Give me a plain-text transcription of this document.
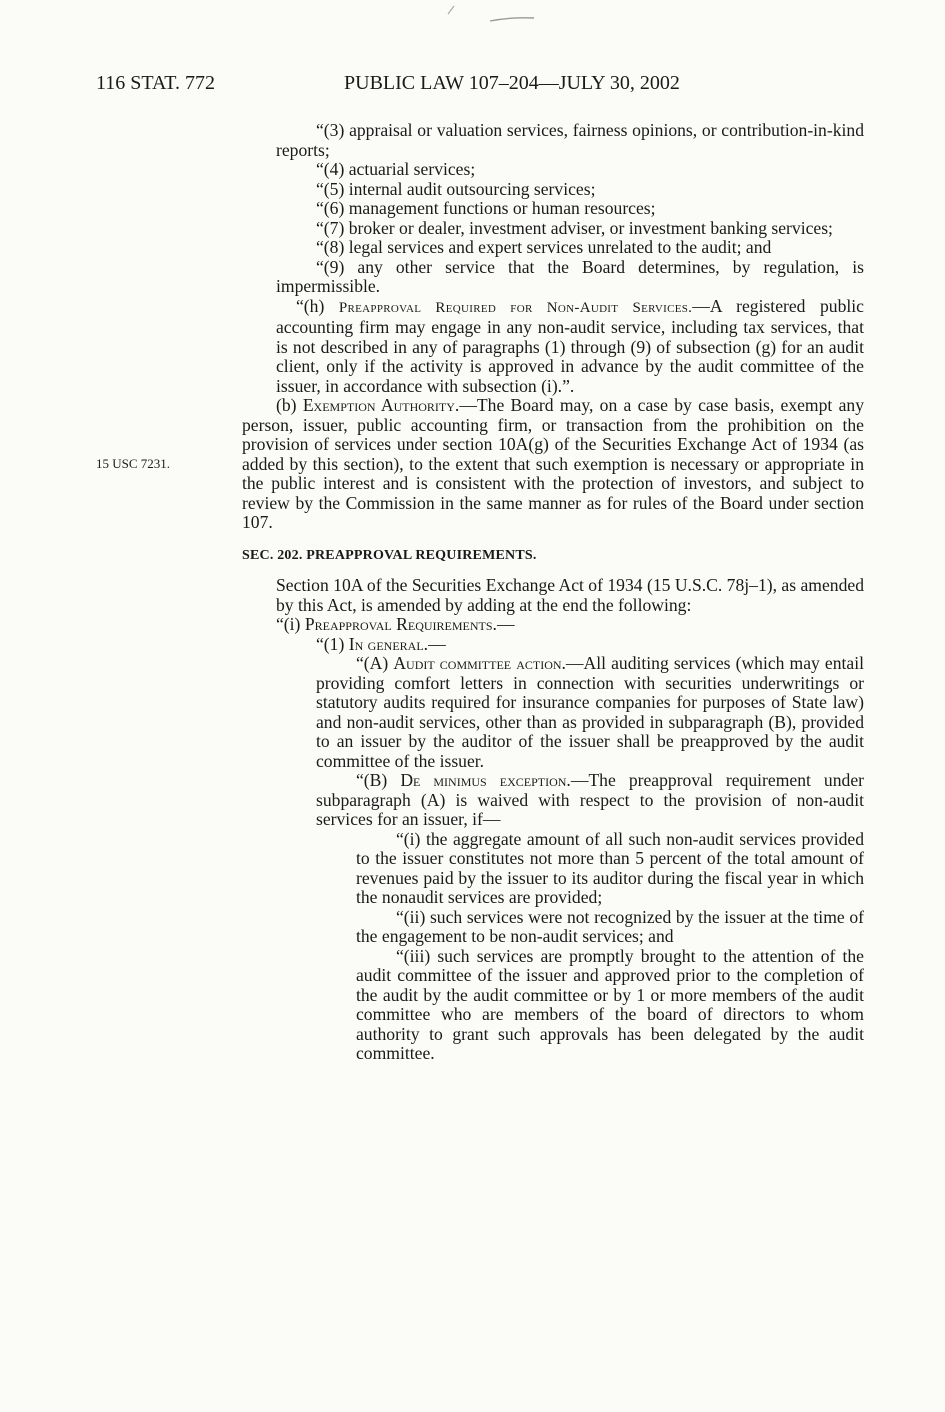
116 STAT. 772	PUBLIC LAW 107–204—JULY 30, 2002
15 USC 7231.

“(3) appraisal or valuation services, fairness opinions, or contribution-in-kind reports;

“(4) actuarial services;

“(5) internal audit outsourcing services;

“(6) management functions or human resources;

“(7) broker or dealer, investment adviser, or investment banking services;

“(8) legal services and expert services unrelated to the audit; and

“(9) any other service that the Board determines, by regulation, is impermissible.

“(h) Preapproval Required for Non-Audit Services.—A registered public accounting firm may engage in any non-audit service, including tax services, that is not described in any of paragraphs (1) through (9) of subsection (g) for an audit client, only if the activity is approved in advance by the audit committee of the issuer, in accordance with subsection (i).”.

(b) Exemption Authority.—The Board may, on a case by case basis, exempt any person, issuer, public accounting firm, or transaction from the prohibition on the provision of services under section 10A(g) of the Securities Exchange Act of 1934 (as added by this section), to the extent that such exemption is necessary or appropriate in the public interest and is consistent with the protection of investors, and subject to review by the Commission in the same manner as for rules of the Board under section 107.

SEC. 202. PREAPPROVAL REQUIREMENTS.

Section 10A of the Securities Exchange Act of 1934 (15 U.S.C. 78j–1), as amended by this Act, is amended by adding at the end the following:

“(i) Preapproval Requirements.—

“(1) In general.—

“(A) Audit committee action.—All auditing services (which may entail providing comfort letters in connection with securities underwritings or statutory audits required for insurance companies for purposes of State law) and non-audit services, other than as provided in subparagraph (B), provided to an issuer by the auditor of the issuer shall be preapproved by the audit committee of the issuer.

“(B) De minimus exception.—The preapproval requirement under subparagraph (A) is waived with respect to the provision of non-audit services for an issuer, if—

“(i) the aggregate amount of all such non-audit services provided to the issuer constitutes not more than 5 percent of the total amount of revenues paid by the issuer to its auditor during the fiscal year in which the nonaudit services are provided;

“(ii) such services were not recognized by the issuer at the time of the engagement to be non-audit services; and

“(iii) such services are promptly brought to the attention of the audit committee of the issuer and approved prior to the completion of the audit by the audit committee or by 1 or more members of the audit committee who are members of the board of directors to whom authority to grant such approvals has been delegated by the audit committee.
